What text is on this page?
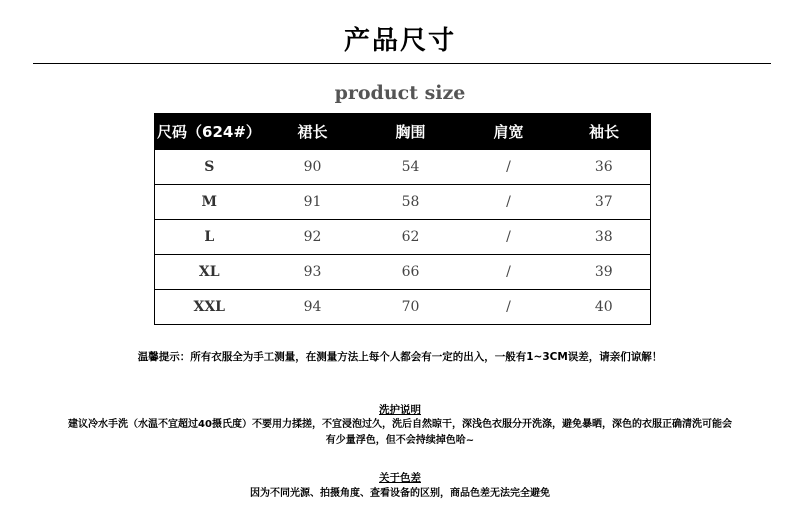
产品尺寸
product size
尺码（624#）	裙长	胸围	肩宽	袖长
S	90	54	/	36
M	91	58	/	37
L	92	62	/	38
XL	93	66	/	39
XXL	94	70	/	40
温馨提示：所有衣服全为手工测量，在测量方法上每个人都会有一定的出入，一般有1~3CM误差，请亲们谅解！
洗护说明
建议冷水手洗（水温不宜超过40摄氏度）不要用力揉搓，不宜浸泡过久，洗后自然晾干，深浅色衣服分开洗涤，避免暴晒，深色的衣服正确清洗可能会
有少量浮色，但不会持续掉色哈~
关于色差
因为不同光源、拍摄角度、查看设备的区别，商品色差无法完全避免
